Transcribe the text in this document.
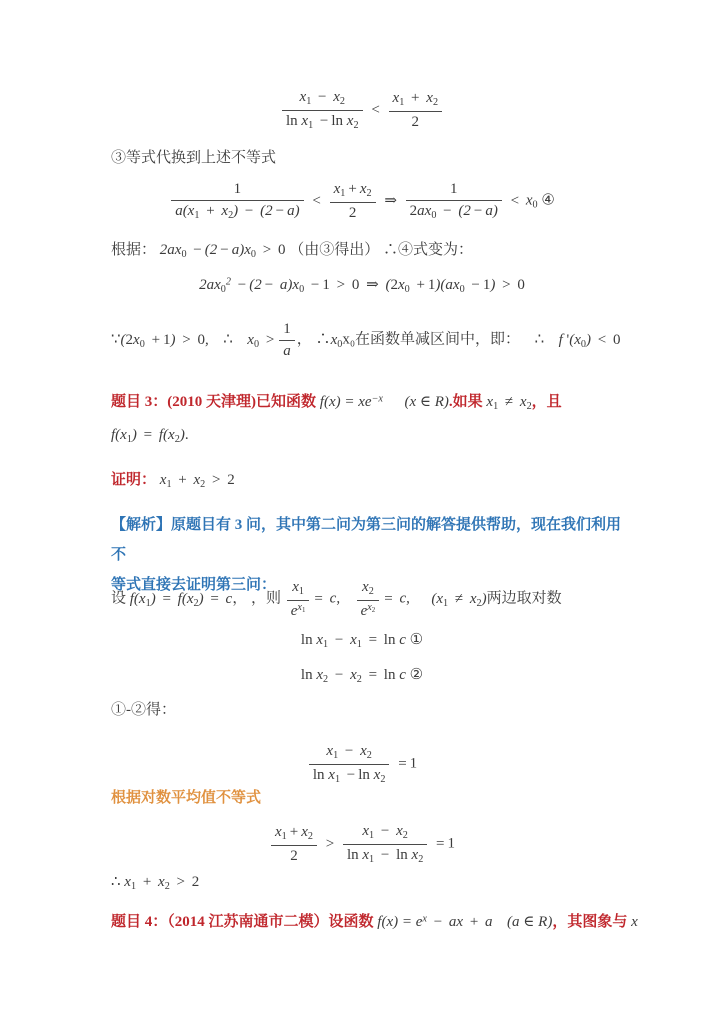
$\frac{x_1 - x_2}{\ln x_1 - \ln x_2} < \frac{x_1 + x_2}{2}$
③等式代换到上述不等式
$\frac{1}{a(x_1 + x_2) - (2 - a)} < \frac{x_1 + x_2}{2}$ ⇒ $\frac{1}{2ax_0 - (2 - a)} < x_0$ ④
根据： $2ax_0 - (2 - a)x_0 > 0$ （由③得出） ∴④式变为：
$2ax_0^2 - (2 - a)x_0 - 1 > 0$ ⇒ $(2x_0 + 1)(ax_0 - 1) > 0$
$\because(2x_0 + 1) > 0$, ∴ $x_0 > \frac{1}{a}$ ， $\therefore x_0x_0$在函数单减区间中，即： ∴ f '$(x_0) < 0$
题目 3：(2010 天津理)已知函数 $f(x) = xe^{-x}$ (x ∈ R).如果 $x_1 \ne x_2$，且
$f(x_1) = f(x_2)$.
证明： $x_1 + x_2 > 2$
【解析】原题目有 3 问，其中第二问为第三问的解答提供帮助，现在我们利用不
等式直接去证明第三问：
设 $f(x_1) = f(x_2) = c$， ，则 $\frac{x_1}{e^{x_1}} = c$, $\frac{x_2}{e^{x_2}} = c$, $(x_1 \ne x_2)$两边取对数
$\ln x_1 - x_1 = \ln c$ ①
$\ln x_2 - x_2 = \ln c$ ②
①-②得：
$\frac{x_1 - x_2}{\ln x_1 - \ln x_2} = 1$
根据对数平均值不等式
$\frac{x_1 + x_2}{2} > \frac{x_1 - x_2}{\ln x_1 - \ln x_2} = 1$
∴ $x_1 + x_2 > 2$
题目 4：（2014 江苏南通市二模）设函数 $f(x) = e^x$ − ax + a (a ∈ R)，其图象与 x
